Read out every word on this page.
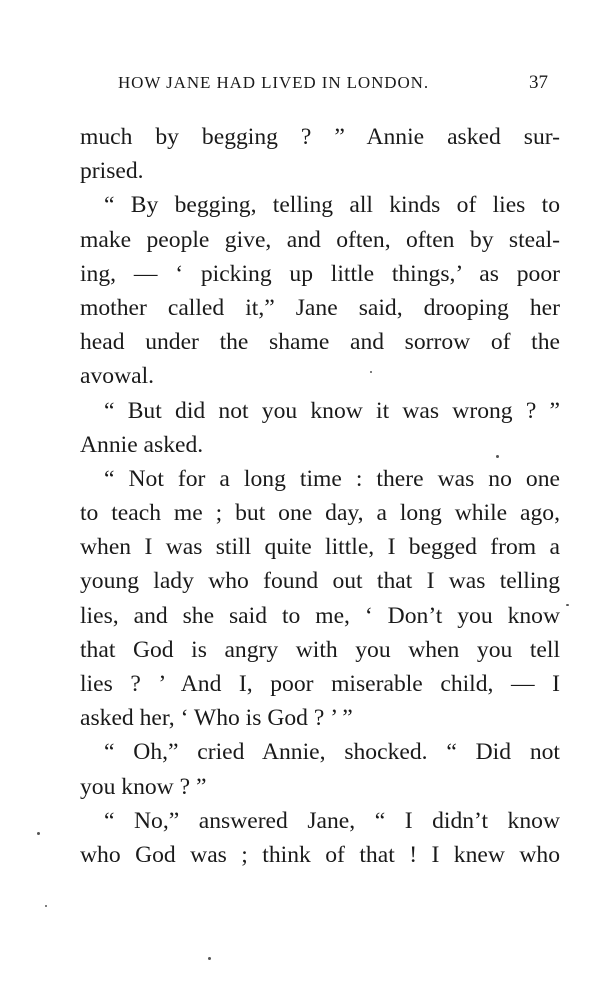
HOW JANE HAD LIVED IN LONDON.	37
much by begging ? ” Annie asked sur-
prised.
“ By begging, telling all kinds of lies to
make people give, and often, often by steal-
ing, — ‘ picking up little things,’ as poor
mother called it,” Jane said, drooping her
head under the shame and sorrow of the
avowal.
“ But did not you know it was wrong ? ”
Annie asked.
“ Not for a long time : there was no one
to teach me ; but one day, a long while ago,
when I was still quite little, I begged from a
young lady who found out that I was telling
lies, and she said to me, ‘ Don’t you know
that God is angry with you when you tell
lies ? ’ And I, poor miserable child, — I
asked her, ‘ Who is God ? ’ ”
“ Oh,” cried Annie, shocked. “ Did not
you know ? ”
“ No,” answered Jane, “ I didn’t know
who God was ; think of that ! I knew who
